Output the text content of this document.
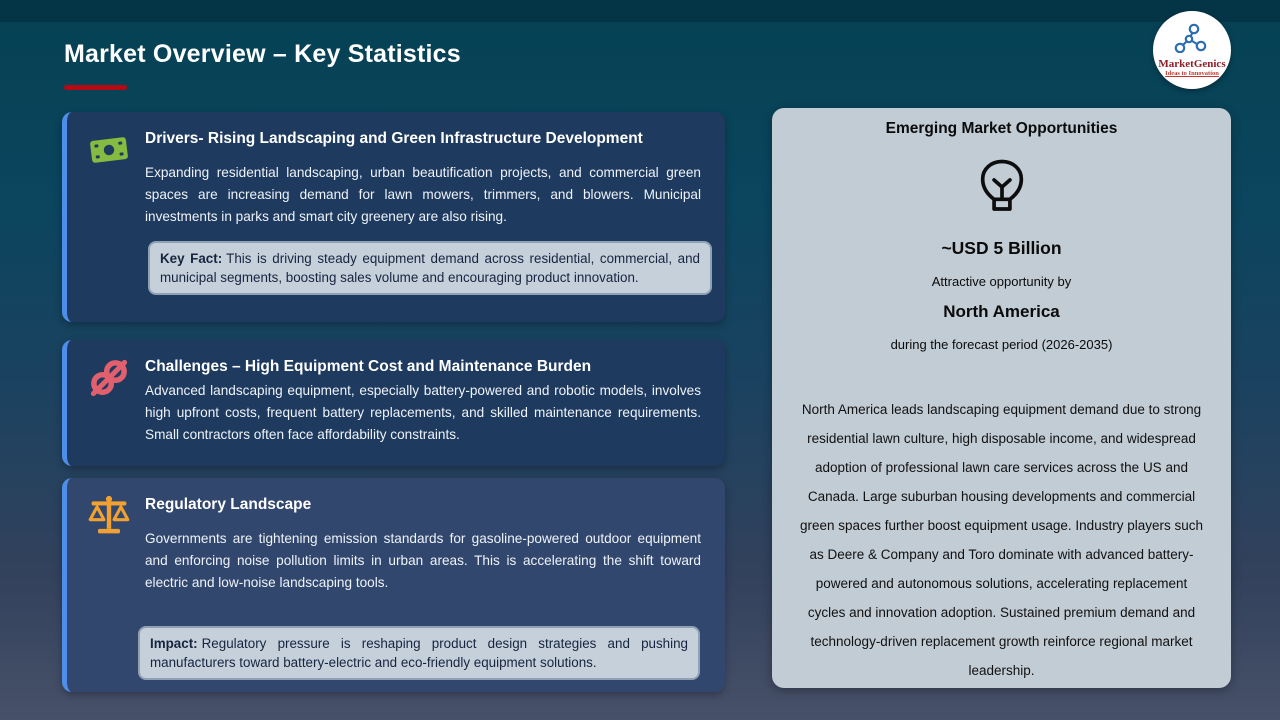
Market Overview – Key Statistics	MarketGenics
Ideas to Innovation
Drivers- Rising Landscaping and Green Infrastructure Development
Expanding residential landscaping, urban beautification projects, and commercial green spaces are increasing demand for lawn mowers, trimmers, and blowers. Municipal investments in parks and smart city greenery are also rising.
Key Fact: This is driving steady equipment demand across residential, commercial, and municipal segments, boosting sales volume and encouraging product innovation.
Challenges – High Equipment Cost and Maintenance Burden
Advanced landscaping equipment, especially battery-powered and robotic models, involves high upfront costs, frequent battery replacements, and skilled maintenance requirements. Small contractors often face affordability constraints.
Regulatory Landscape
Governments are tightening emission standards for gasoline-powered outdoor equipment and enforcing noise pollution limits in urban areas. This is accelerating the shift toward electric and low-noise landscaping tools.
Impact: Regulatory pressure is reshaping product design strategies and pushing manufacturers toward battery-electric and eco-friendly equipment solutions.
Emerging Market Opportunities
~USD 5 Billion
Attractive opportunity by
North America
during the forecast period (2026-2035)
North America leads landscaping equipment demand due to strong residential lawn culture, high disposable income, and widespread adoption of professional lawn care services across the US and Canada. Large suburban housing developments and commercial green spaces further boost equipment usage. Industry players such as Deere & Company and Toro dominate with advanced battery-powered and autonomous solutions, accelerating replacement cycles and innovation adoption. Sustained premium demand and technology-driven replacement growth reinforce regional market leadership.
